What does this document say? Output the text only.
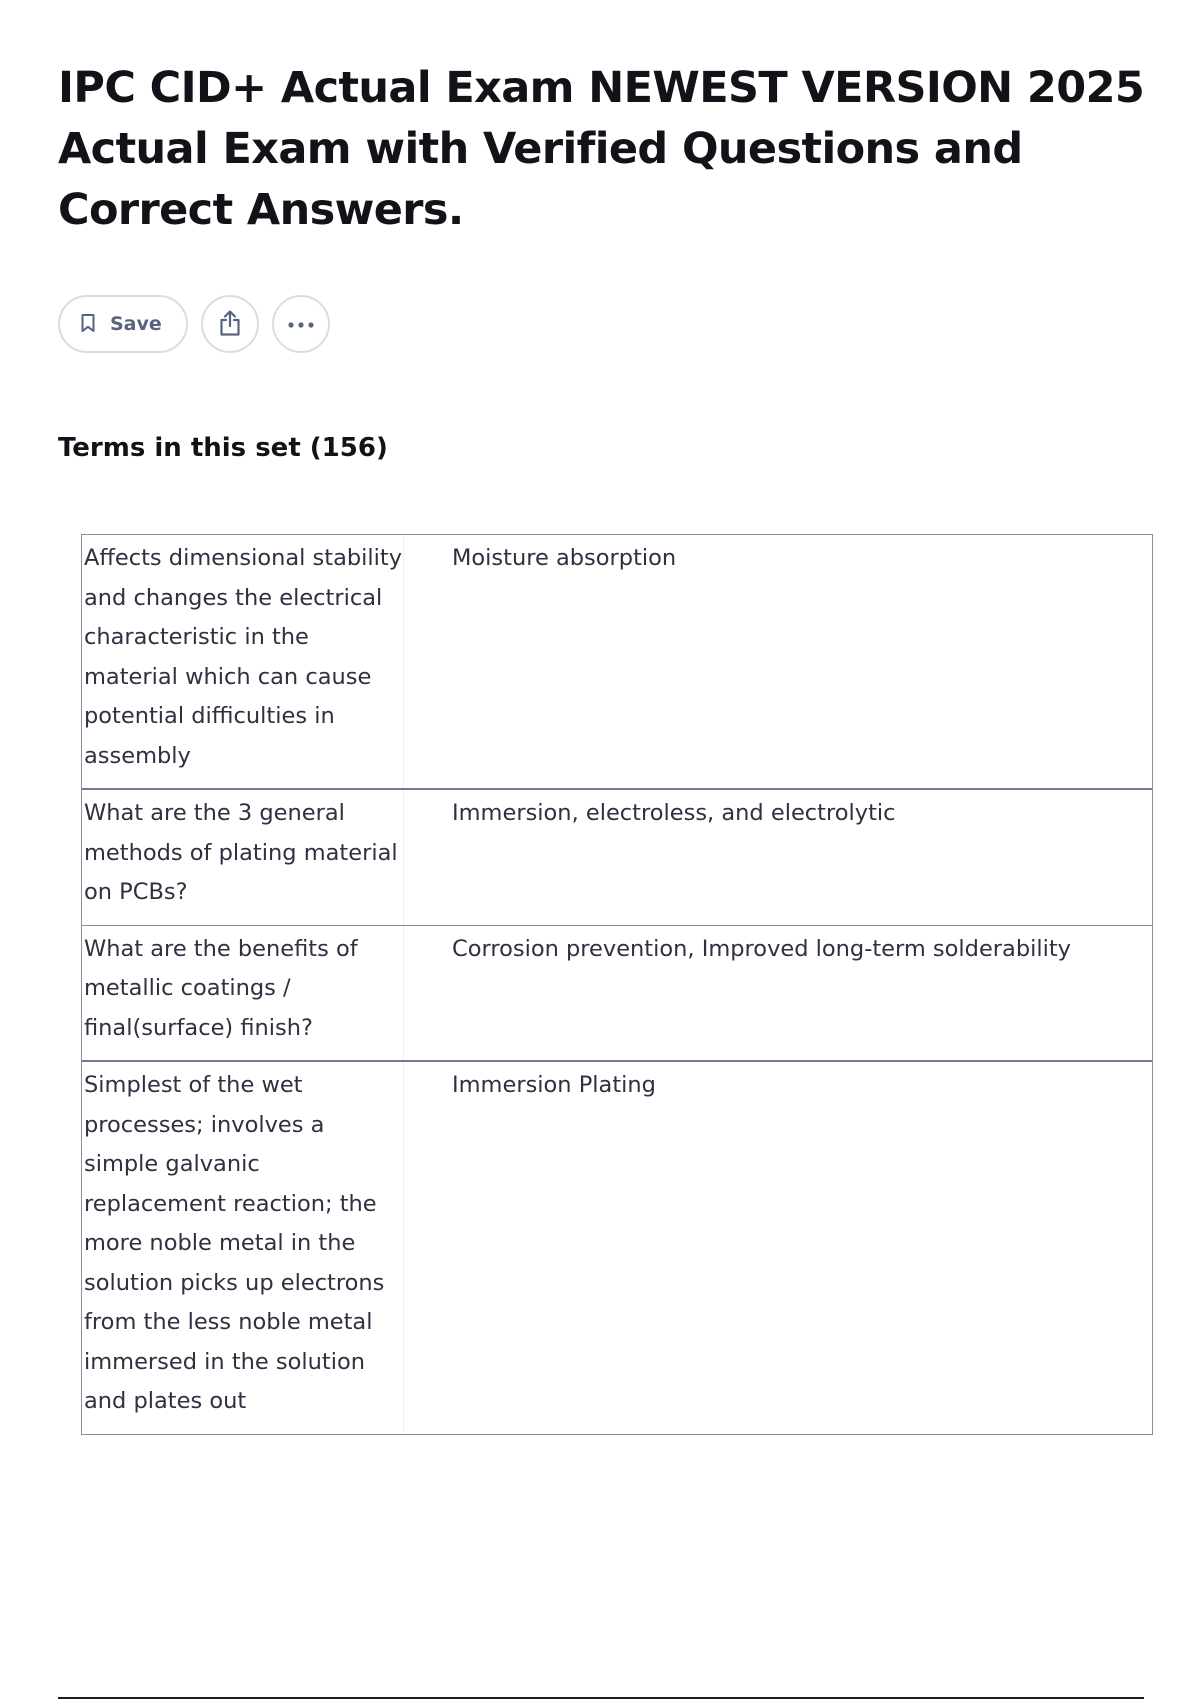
IPC CID+ Actual Exam NEWEST VERSION 2025 Actual Exam with Verified Questions and Correct Answers.
Save
Terms in this set (156)
Affects dimensional stability and changes the electrical characteristic in the material which can cause potential difficulties in assembly
Moisture absorption
What are the 3 general methods of plating material on PCBs?
Immersion, electroless, and electrolytic
What are the benefits of metallic coatings / final(surface) finish?
Corrosion prevention, Improved long-term solderability
Simplest of the wet processes; involves a simple galvanic replacement reaction; the more noble metal in the solution picks up electrons from the less noble metal immersed in the solution and plates out
Immersion Plating
